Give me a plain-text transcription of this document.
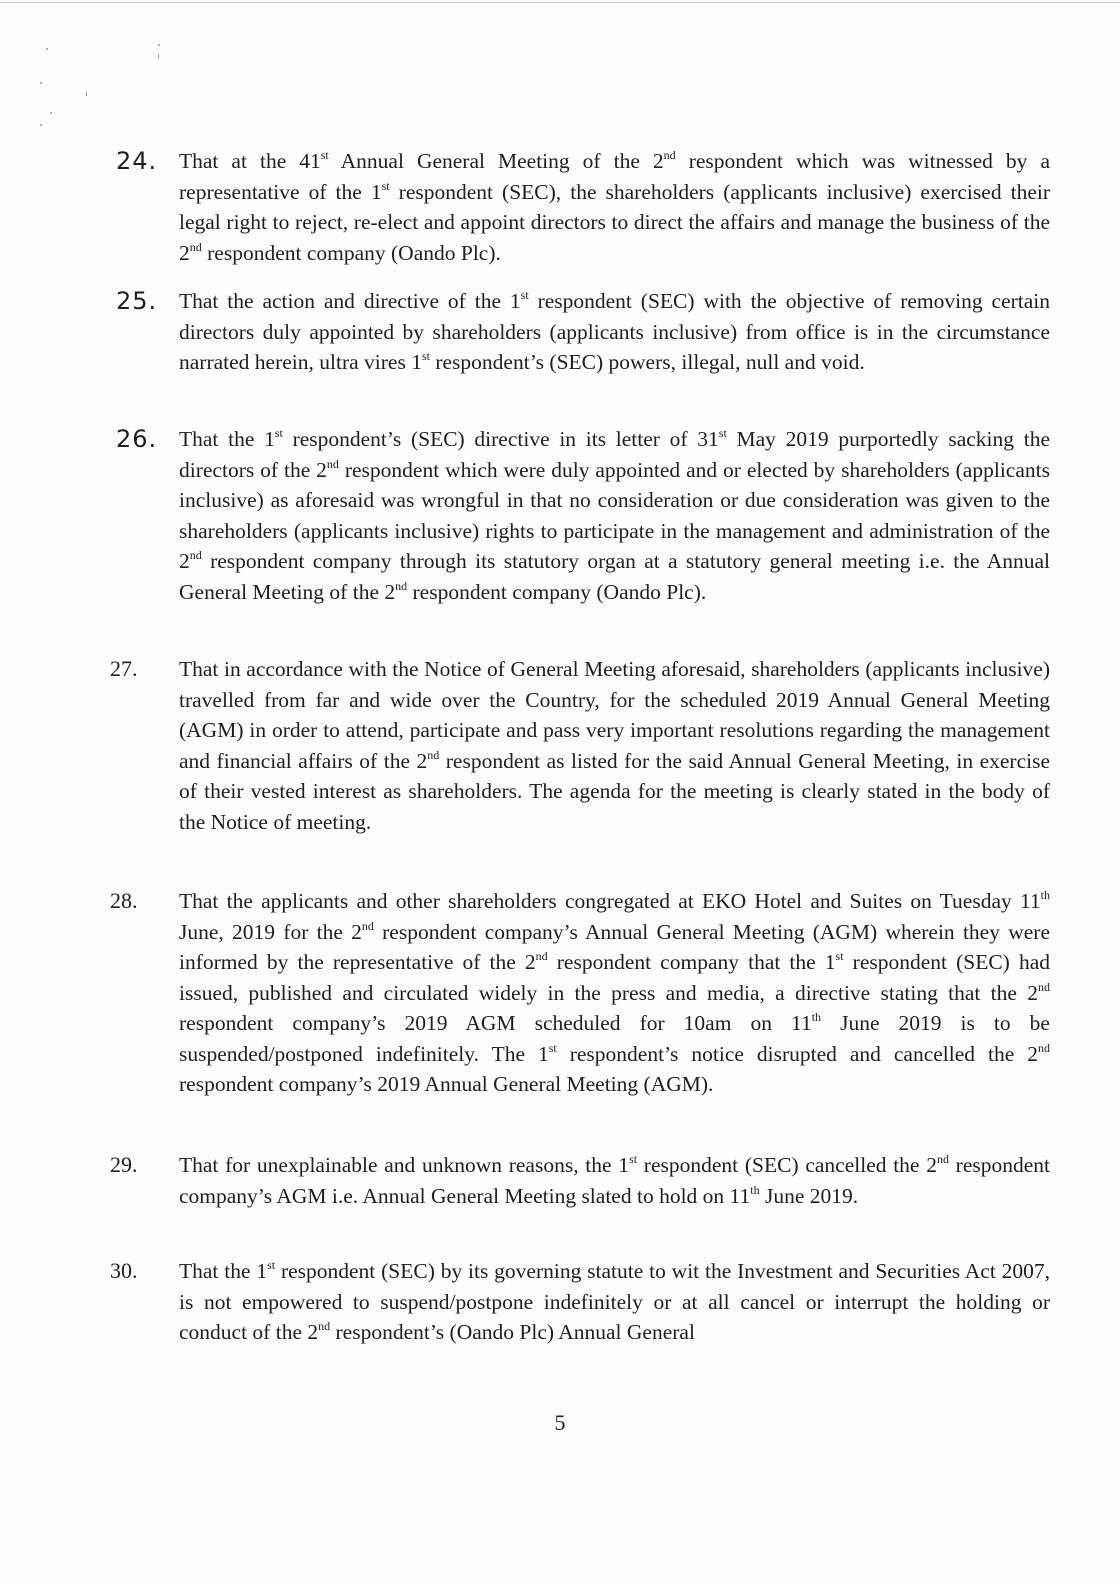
24.	That at the 41st Annual General Meeting of the 2nd respondent which was witnessed by a representative of the 1st respondent (SEC), the shareholders (applicants inclusive) exercised their legal right to reject, re-elect and appoint directors to direct the affairs and manage the business of the 2nd respondent company (Oando Plc).
25.	That the action and directive of the 1st respondent (SEC) with the objective of removing certain directors duly appointed by shareholders (applicants inclusive) from office is in the circumstance narrated herein, ultra vires 1st respondent’s (SEC) powers, illegal, null and void.
26.	That the 1st respondent’s (SEC) directive in its letter of 31st May 2019 purportedly sacking the directors of the 2nd respondent which were duly appointed and or elected by shareholders (applicants inclusive) as aforesaid was wrongful in that no consideration or due consideration was given to the shareholders (applicants inclusive) rights to participate in the management and administration of the 2nd respondent company through its statutory organ at a statutory general meeting i.e. the Annual General Meeting of the 2nd respondent company (Oando Plc).
27.	That in accordance with the Notice of General Meeting aforesaid, shareholders (applicants inclusive) travelled from far and wide over the Country, for the scheduled 2019 Annual General Meeting (AGM) in order to attend, participate and pass very important resolutions regarding the management and financial affairs of the 2nd respondent as listed for the said Annual General Meeting, in exercise of their vested interest as shareholders. The agenda for the meeting is clearly stated in the body of the Notice of meeting.
28.	That the applicants and other shareholders congregated at EKO Hotel and Suites on Tuesday 11th June, 2019 for the 2nd respondent company’s Annual General Meeting (AGM) wherein they were informed by the representative of the 2nd respondent company that the 1st respondent (SEC) had issued, published and circulated widely in the press and media, a directive stating that the 2nd respondent company’s 2019 AGM scheduled for 10am on 11th June 2019 is to be suspended/postponed indefinitely. The 1st respondent’s notice disrupted and cancelled the 2nd respondent company’s 2019 Annual General Meeting (AGM).
29.	That for unexplainable and unknown reasons, the 1st respondent (SEC) cancelled the 2nd respondent company’s AGM i.e. Annual General Meeting slated to hold on 11th June 2019.
30.	That the 1st respondent (SEC) by its governing statute to wit the Investment and Securities Act 2007, is not empowered to suspend/postpone indefinitely or at all cancel or interrupt the holding or conduct of the 2nd respondent’s (Oando Plc) Annual General
5
